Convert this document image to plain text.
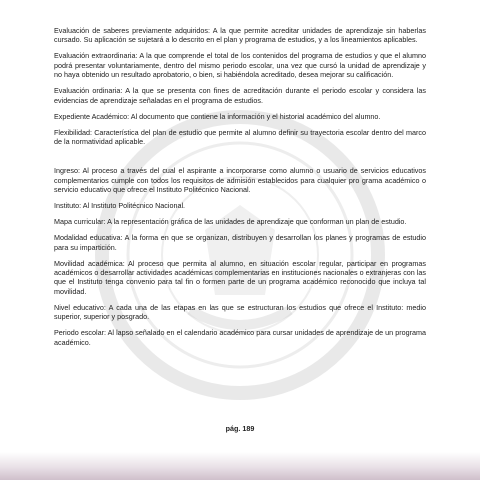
Evaluación de saberes previamente adquiridos: A la que permite acreditar unidades de aprendizaje sin haberlas cursado. Su aplicación se sujetará a lo descrito en el plan y programa de estudios, y a los lineamientos aplicables.

Evaluación extraordinaria: A la que comprende el total de los contenidos del programa de estudios y que el alumno podrá presentar voluntariamente, dentro del mismo periodo escolar, una vez que cursó la unidad de aprendizaje y no haya obtenido un resultado aprobatorio, o bien, si habiéndola acreditado, desea mejorar su calificación.

Evaluación ordinaria: A la que se presenta con fines de acreditación durante el periodo escolar y considera las evidencias de aprendizaje señaladas en el programa de estudios.

Expediente Académico: Al documento que contiene la información y el historial académico del alumno.

Flexibilidad: Característica del plan de estudio que permite al alumno definir su trayectoria escolar dentro del marco de la normatividad aplicable.

Ingreso: Al proceso a través del cual el aspirante a incorporarse como alumno o usuario de servicios educativos complementarios cumple con todos los requisitos de admisión establecidos para cualquier pro grama académico o servicio educativo que ofrece el Instituto Politécnico Nacional.

Instituto: Al Instituto Politécnico Nacional.

Mapa curricular: A la representación gráfica de las unidades de aprendizaje que conforman un plan de estudio.

Modalidad educativa: A la forma en que se organizan, distribuyen y desarrollan los planes y programas de estudio para su impartición.

Movilidad académica: Al proceso que permita al alumno, en situación escolar regular, participar en programas académicos o desarrollar actividades académicas complementarias en instituciones nacionales o extranjeras con las que el Instituto tenga convenio para tal fin o formen parte de un programa académico reconocido que incluya tal movilidad.

Nivel educativo: A cada una de las etapas en las que se estructuran los estudios que ofrece el Instituto: medio superior, superior y posgrado.

Periodo escolar: Al lapso señalado en el calendario académico para cursar unidades de aprendizaje de un programa académico.

pág. 189
